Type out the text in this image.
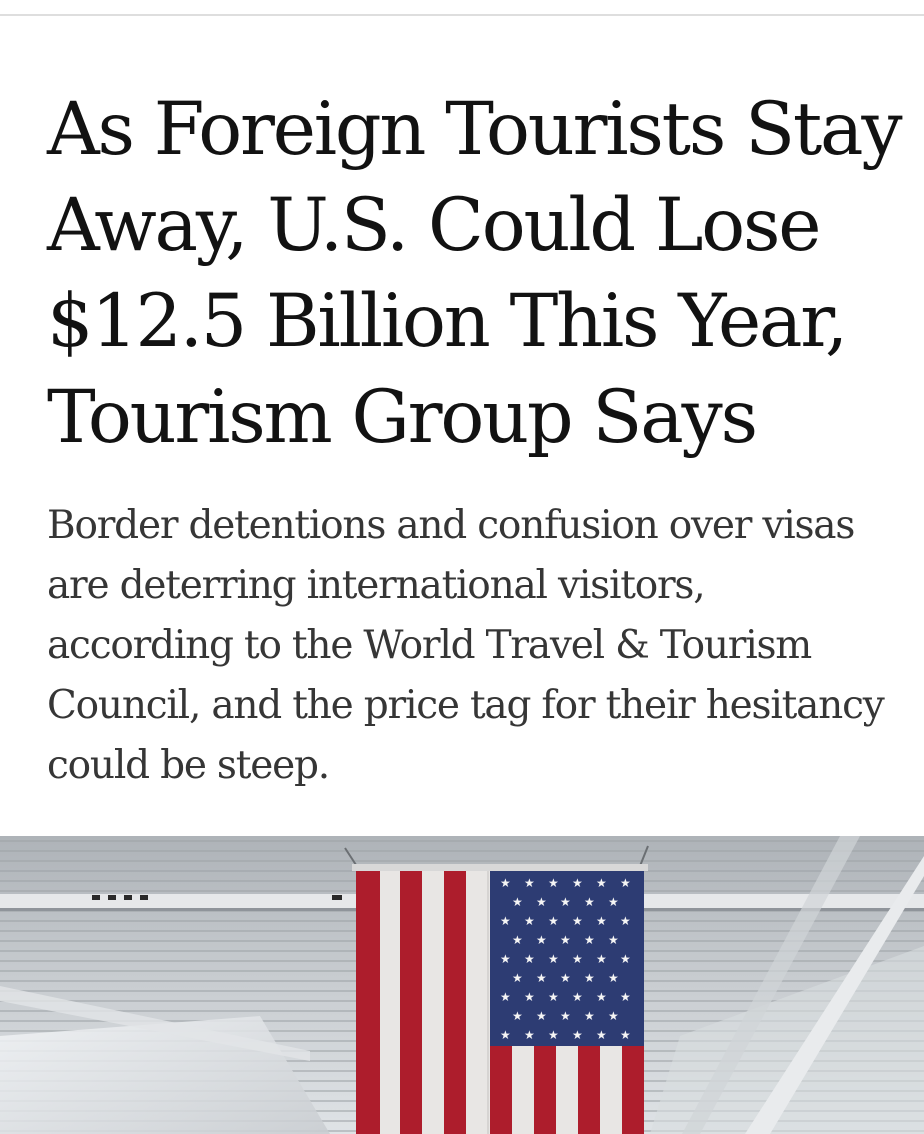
As Foreign Tourists Stay
Away, U.S. Could Lose
$12.5 Billion This Year,
Tourism Group Says

Border detentions and confusion over visas
are deterring international visitors,
according to the World Travel & Tourism
Council, and the price tag for their hesitancy
could be steep.

★ ★ ★ ★ ★ ★
★ ★ ★ ★ ★
★ ★ ★ ★ ★ ★
★ ★ ★ ★ ★
★ ★ ★ ★ ★ ★
★ ★ ★ ★ ★
★ ★ ★ ★ ★ ★
★ ★ ★ ★ ★
★ ★ ★ ★ ★ ★
